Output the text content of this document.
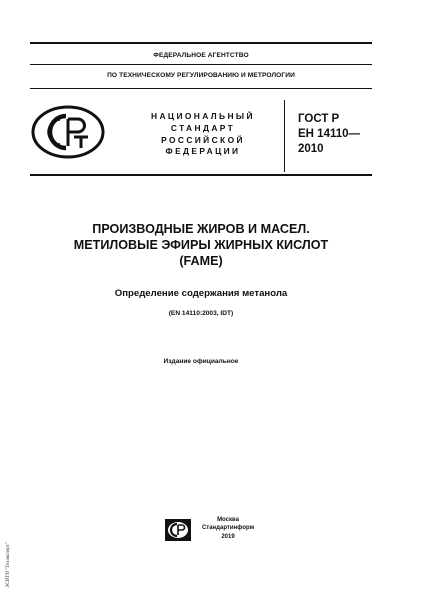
ФЕДЕРАЛЬНОЕ АГЕНТСТВО
ПО ТЕХНИЧЕСКОМУ РЕГУЛИРОВАНИЮ И МЕТРОЛОГИИ
НАЦИОНАЛЬНЫЙ
СТАНДАРТ
РОССИЙСКОЙ
ФЕДЕРАЦИИ
ГОСТ Р
ЕН 14110—
2010
ПРОИЗВОДНЫЕ ЖИРОВ И МАСЕЛ.
МЕТИЛОВЫЕ ЭФИРЫ ЖИРНЫХ КИСЛОТ
(FAME)
Определение содержания метанола
(EN 14110:2003, IDT)
Издание официальное
Москва
Стандартинформ
2019
ЭСИТИ "Техэксперт"
